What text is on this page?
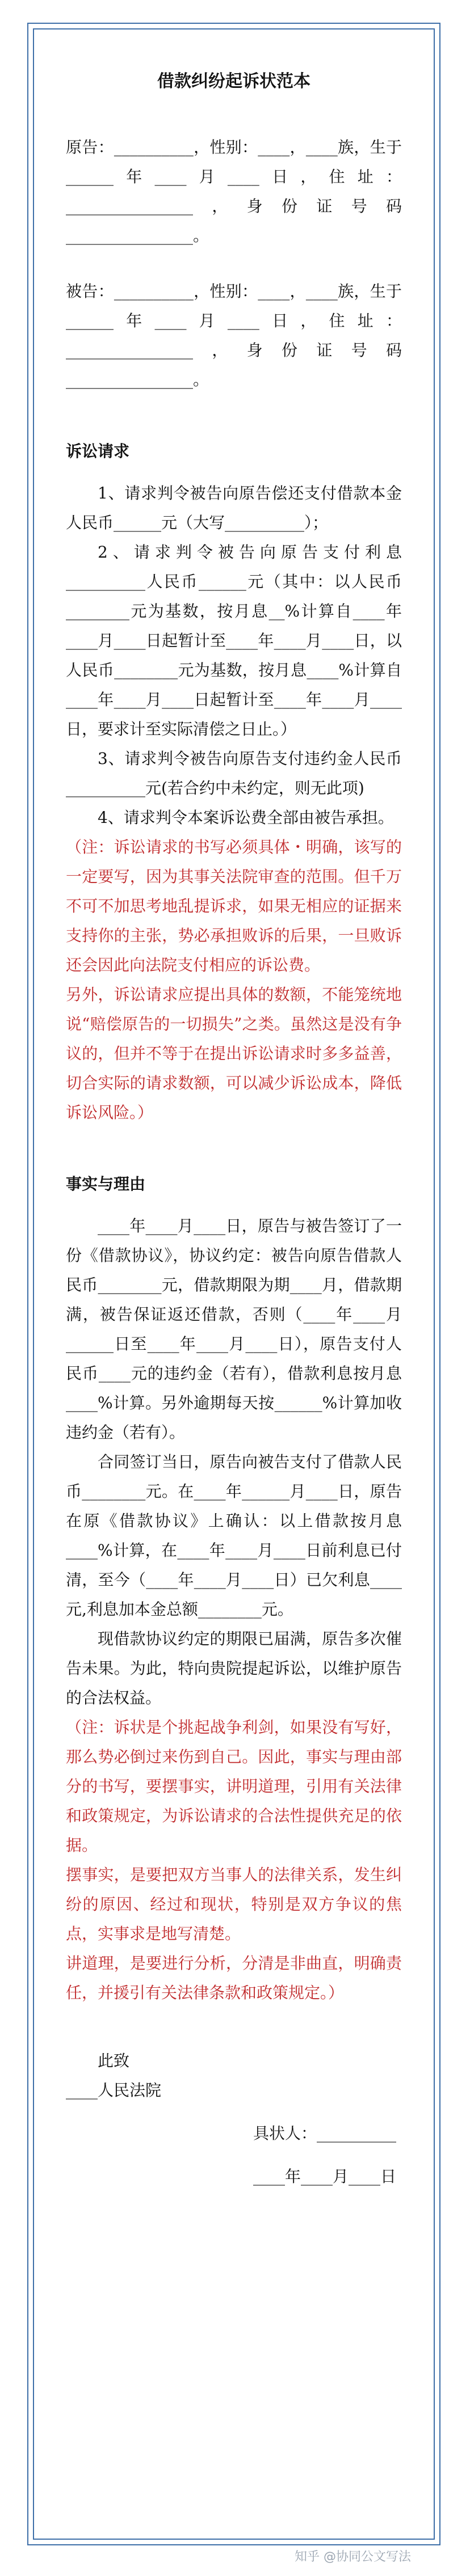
借款纠纷起诉状范本

原告：__________，性别：____，____族，生于______年____月____日，住址：________________，身份证号码________________。

被告：__________，性别：____，____族，生于______年____月____日，住址：________________，身份证号码________________。

诉讼请求

1、请求判令被告向原告偿还支付借款本金人民币______元（大写__________）；

2、请求判令被告向原告支付利息__________人民币______元（其中：以人民币________元为基数，按月息__%计算自____年____月____日起暂计至____年____月____日，以人民币________元为基数，按月息____%计算自____年____月____日起暂计至____年____月____日，要求计至实际清偿之日止。）

3、请求判令被告向原告支付违约金人民币__________元(若合约中未约定，则无此项)

4、请求判令本案诉讼费全部由被告承担。

（注：诉讼请求的书写必须具体・明确，该写的一定要写，因为其事关法院审查的范围。但千万不可不加思考地乱提诉求，如果无相应的证据来支持你的主张，势必承担败诉的后果，一旦败诉还会因此向法院支付相应的诉讼费。

另外，诉讼请求应提出具体的数额，不能笼统地说“赔偿原告的一切损失”之类。虽然这是没有争议的，但并不等于在提出诉讼请求时多多益善，切合实际的请求数额，可以减少诉讼成本，降低诉讼风险。）

事实与理由

____年____月____日，原告与被告签订了一份《借款协议》，协议约定：被告向原告借款人民币________元，借款期限为期____月，借款期满，被告保证返还借款，否则（____年____月______日至____年____月____日），原告支付人民币____元的违约金（若有），借款利息按月息____%计算。另外逾期每天按______%计算加收违约金（若有）。

合同签订当日，原告向被告支付了借款人民币________元。在____年______月____日，原告在原《借款协议》上确认：以上借款按月息____%计算，在____年____月____日前利息已付清，至今（____年____月____日）已欠利息____元,利息加本金总额________元。

现借款协议约定的期限已届满，原告多次催告未果。为此，特向贵院提起诉讼，以维护原告的合法权益。

（注：诉状是个挑起战争利剑，如果没有写好，那么势必倒过来伤到自己。因此，事实与理由部分的书写，要摆事实，讲明道理，引用有关法律和政策规定，为诉讼请求的合法性提供充足的依据。

摆事实，是要把双方当事人的法律关系，发生纠纷的原因、经过和现状，特别是双方争议的焦点，实事求是地写清楚。

讲道理，是要进行分析，分清是非曲直，明确责任，并援引有关法律条款和政策规定。）

此致

____人民法院

具状人：__________

____年____月____日

知乎 @协同公文写法
